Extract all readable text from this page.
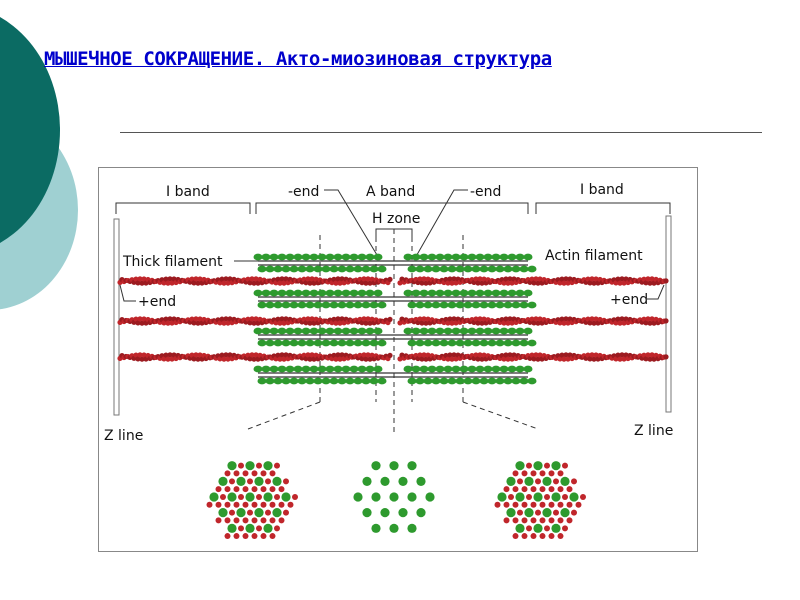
МЫШЕЧНОЕ СОКРАЩЕНИЕ. Акто-миозиновая структура
I band	A band	I band
-end	-end
H zone
Thick filament	Actin filament
+end	+end
Z line	Z line
